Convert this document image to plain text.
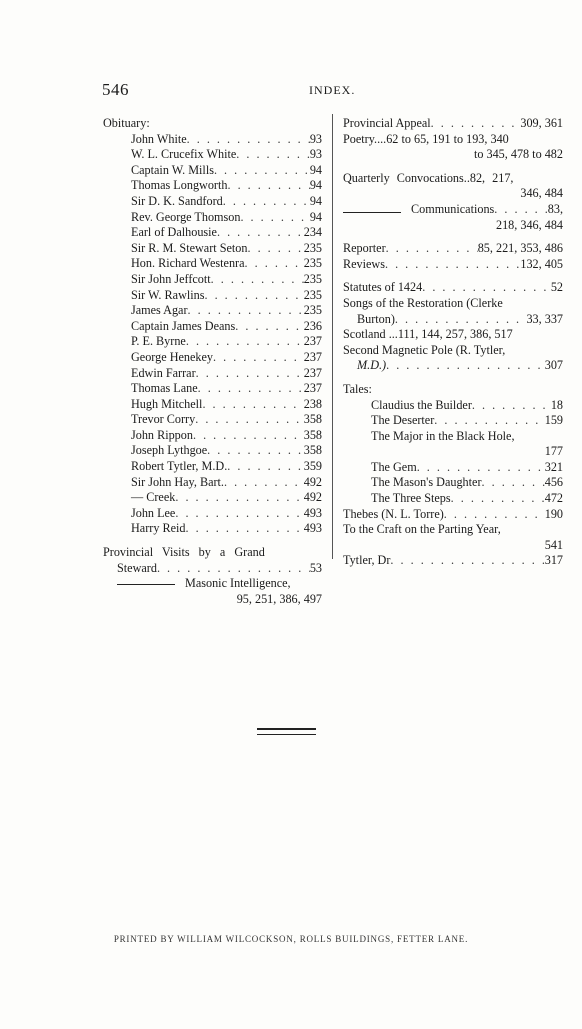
546	INDEX.
Obituary:
John White . . .	93
W. L. Crucefix White . . .	93
Captain W. Mills . . .	94
Thomas Longworth . . .	94
Sir D. K. Sandford . . .	94
Rev. George Thomson . . .	94
Earl of Dalhousie . . .	234
Sir R. M. Stewart Seton . . .	235
Hon. Richard Westenra . . .	235
Sir John Jeffcott . . .	235
Sir W. Rawlins . . .	235
James Agar . . .	235
Captain James Deans . . .	236
P. E. Byrne . . .	237
George Henekey . . .	237
Edwin Farrar . . .	237
Thomas Lane . . .	237
Hugh Mitchell . . .	238
Trevor Corry . . .	358
John Rippon . . .	358
Joseph Lythgoe . . .	358
Robert Tytler, M.D. . . .	359
Sir John Hay, Bart. . . .	492
— Creek . . .	492
John Lee . . .	493
Harry Reid . . .	493
Provincial Visits by a Grand
Steward . . .	53
Masonic Intelligence,
95, 251, 386, 497
Provincial Appeal . . .	309, 361
Poetry....62 to 65, 191 to 193, 340
to 345, 478 to 482
Quarterly Convocations..82, 217,
346, 484
Communications . . .	83,
218, 346, 484
Reporter . . .	85, 221, 353, 486
Reviews . . .	132, 405
Statutes of 1424 . . .	52
Songs of the Restoration (Clerke
Burton) . . .	33, 337
Scotland ...111, 144, 257, 386, 517
Second Magnetic Pole (R. Tytler,
M.D.) . . .	307
Tales:
Claudius the Builder . . .	18
The Deserter . . .	159
The Major in the Black Hole,
177
The Gem . . .	321
The Mason's Daughter . . .	456
The Three Steps . . .	472
Thebes (N. L. Torre) . . .	190
To the Craft on the Parting Year,
541
Tytler, Dr . . .	317
PRINTED BY WILLIAM WILCOCKSON, ROLLS BUILDINGS, FETTER LANE.
